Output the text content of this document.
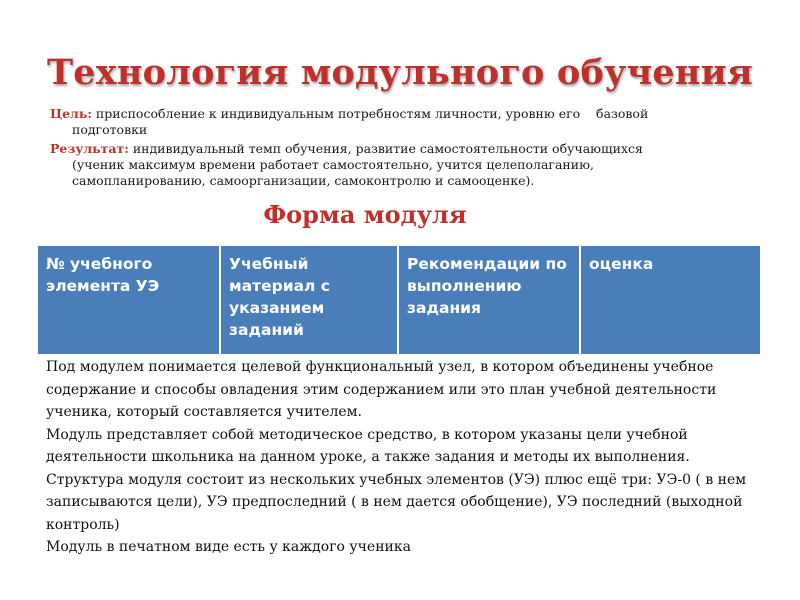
Технология модульного обучения
Цель: приспособление к индивидуальным потребностям личности, уровню его    базовой
подготовки
Результат: индивидуальный темп обучения, развитие самостоятельности обучающихся
(ученик максимум времени работает самостоятельно, учится целеполаганию,
самопланированию, самоорганизации, самоконтролю и самооценке).
Форма модуля
№ учебного элемента УЭ	Учебный материал с указанием заданий	Рекомендации по выполнению задания	оценка

Под модулем понимается целевой функциональный узел, в котором объединены учебное содержание и способы овладения этим содержанием или это план учебной деятельности ученика, который составляется учителем.

Модуль представляет собой методическое средство, в котором указаны цели учебной деятельности школьника на данном уроке, а также задания и методы их выполнения.

Структура модуля состоит из нескольких учебных элементов (УЭ) плюс ещё три: УЭ-0 ( в нем записываются цели), УЭ предпоследний ( в нем дается обобщение), УЭ последний (выходной контроль)

Модуль в печатном виде есть у каждого ученика
